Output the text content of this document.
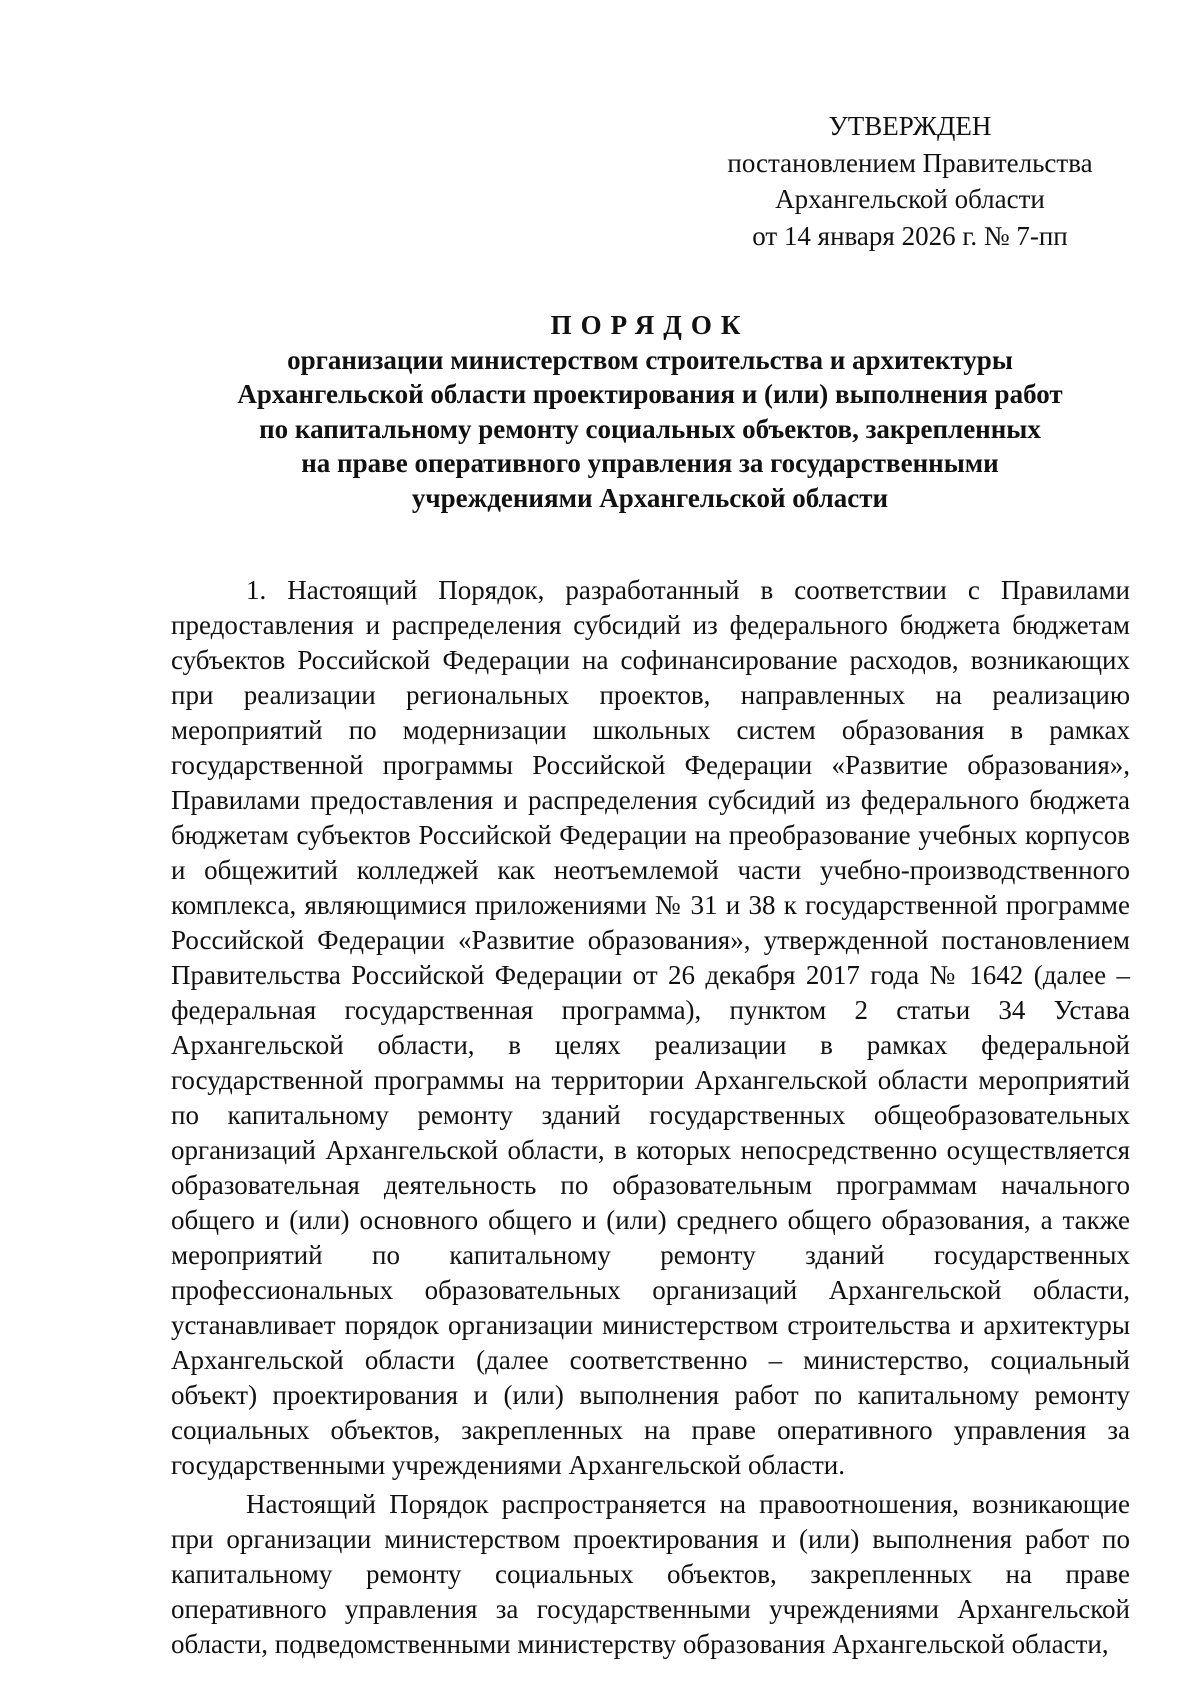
УТВЕРЖДЕН
постановлением Правительства
Архангельской области
от 14 января 2026 г. № 7-пп
ПОРЯДОК
организации министерством строительства и архитектуры
Архангельской области проектирования и (или) выполнения работ
по капитальному ремонту социальных объектов, закрепленных
на праве оперативного управления за государственными
учреждениями Архангельской области

1. Настоящий Порядок, разработанный в соответствии с Правилами предоставления и распределения субсидий из федерального бюджета бюджетам субъектов Российской Федерации на софинансирование расходов, возникающих при реализации региональных проектов, направленных на реализацию мероприятий по модернизации школьных систем образования в рамках государственной программы Российской Федерации «Развитие образования», Правилами предоставления и распределения субсидий из федерального бюджета бюджетам субъектов Российской Федерации на преобразование учебных корпусов и общежитий колледжей как неотъемлемой части учебно-производственного комплекса, являющимися приложениями № 31 и 38 к государственной программе Российской Федерации «Развитие образования», утвержденной постановлением Правительства Российской Федерации от 26 декабря 2017 года № 1642 (далее – федеральная государственная программа), пунктом 2 статьи 34 Устава Архангельской области, в целях реализации в рамках федеральной государственной программы на территории Архангельской области мероприятий по капитальному ремонту зданий государственных общеобразовательных организаций Архангельской области, в которых непосредственно осуществляется образовательная деятельность по образовательным программам начального общего и (или) основного общего и (или) среднего общего образования, а также мероприятий по капитальному ремонту зданий государственных профессиональных образовательных организаций Архангельской области, устанавливает порядок организации министерством строительства и архитектуры Архангельской области (далее соответственно – министерство, социальный объект) проектирования и (или) выполнения работ по капитальному ремонту социальных объектов, закрепленных на праве оперативного управления за государственными учреждениями Архангельской области.

Настоящий Порядок распространяется на правоотношения, возникающие при организации министерством проектирования и (или) выполнения работ по капитальному ремонту социальных объектов, закрепленных на праве оперативного управления за государственными учреждениями Архангельской области, подведомственными министерству образования Архангельской области,
